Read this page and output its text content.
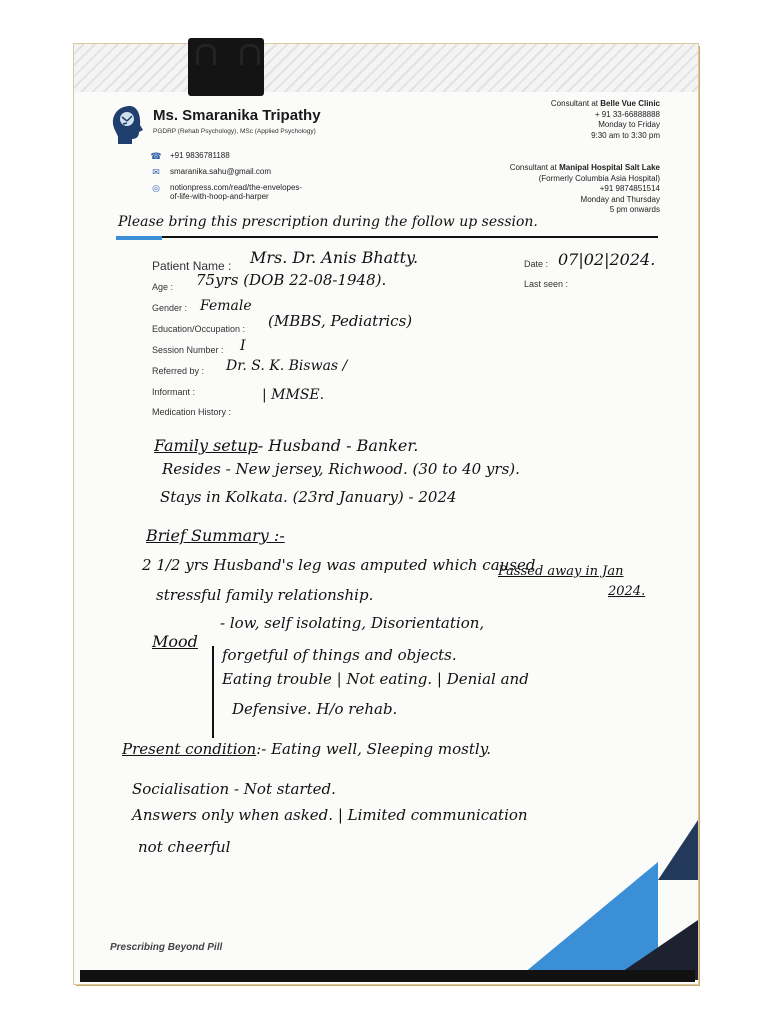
Ms. Smaranika Tripathy
PGDRP (Rehab Psychology), MSc (Applied Psychology)
☎ +91 9836781188
✉ smaranika.sahu@gmail.com
◎ notionpress.com/read/the-envelopes-
of-life-with-hoop-and-harper
Consultant at Belle Vue Clinic
+ 91 33-66888888
Monday to Friday
9:30 am to 3:30 pm
Consultant at Manipal Hospital Salt Lake
(Formerly Columbia Asia Hospital)
+91 9874851514
Monday and Thursday
5 pm onwards
Please bring this prescription during the follow up session.
Patient Name :
Age :
Gender :
Education/Occupation :
Session Number :
Referred by :
Informant :
Medication History :
Date :
Last seen :
Mrs. Dr. Anis Bhatty.
75yrs (DOB 22-08-1948).
Female
(MBBS, Pediatrics)
I
Dr. S. K. Biswas /
| MMSE.
07|02|2024.
Family setup- Husband - Banker.
Resides - New jersey, Richwood. (30 to 40 yrs).
Stays in Kolkata. (23rd January) - 2024
Brief Summary :-
2 1/2 yrs Husband's leg was amputed which caused
stressful family relationship.
Passed away in Jan
2024.
Mood
- low, self isolating, Disorientation,
forgetful of things and objects.
Eating trouble | Not eating. | Denial and
Defensive. H/o rehab.
Present condition:- Eating well, Sleeping mostly.
Socialisation - Not started.
Answers only when asked. | Limited communication
not cheerful
Prescribing Beyond Pill
